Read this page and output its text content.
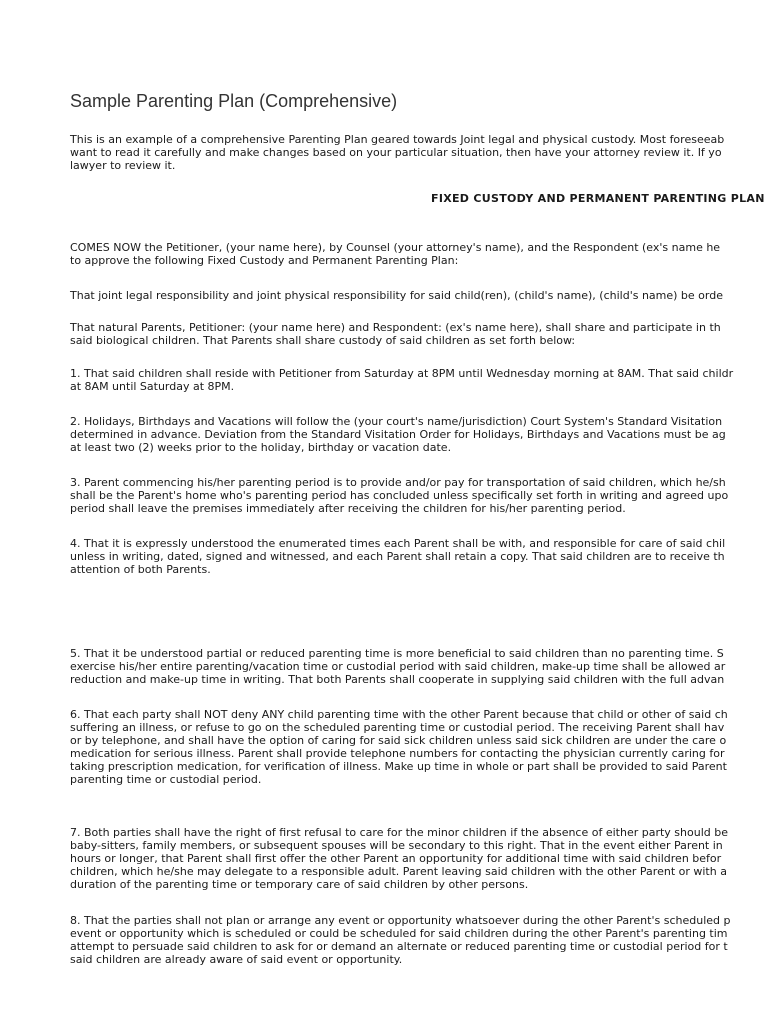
Sample Parenting Plan (Comprehensive)
This is an example of a comprehensive Parenting Plan geared towards Joint legal and physical custody. Most foreseeab
want to read it carefully and make changes based on your particular situation, then have your attorney review it. If yo
lawyer to review it.
FIXED CUSTODY AND PERMANENT PARENTING PLAN
COMES NOW the Petitioner, (your name here), by Counsel (your attorney's name), and the Respondent (ex's name he
to approve the following Fixed Custody and Permanent Parenting Plan:
That joint legal responsibility and joint physical responsibility for said child(ren), (child's name), (child's name) be orde
That natural Parents, Petitioner: (your name here) and Respondent: (ex's name here), shall share and participate in th
said biological children. That Parents shall share custody of said children as set forth below:
1. That said children shall reside with Petitioner from Saturday at 8PM until Wednesday morning at 8AM. That said childr
at 8AM until Saturday at 8PM.
2. Holidays, Birthdays and Vacations will follow the (your court's name/jurisdiction) Court System's Standard Visitation
determined in advance. Deviation from the Standard Visitation Order for Holidays, Birthdays and Vacations must be ag
at least two (2) weeks prior to the holiday, birthday or vacation date.
3. Parent commencing his/her parenting period is to provide and/or pay for transportation of said children, which he/sh
shall be the Parent's home who's parenting period has concluded unless specifically set forth in writing and agreed upo
period shall leave the premises immediately after receiving the children for his/her parenting period.
4. That it is expressly understood the enumerated times each Parent shall be with, and responsible for care of said chil
unless in writing, dated, signed and witnessed, and each Parent shall retain a copy. That said children are to receive th
attention of both Parents.
5. That it be understood partial or reduced parenting time is more beneficial to said children than no parenting time. S
exercise his/her entire parenting/vacation time or custodial period with said children, make-up time shall be allowed ar
reduction and make-up time in writing. That both Parents shall cooperate in supplying said children with the full advan
6. That each party shall NOT deny ANY child parenting time with the other Parent because that child or other of said ch
suffering an illness, or refuse to go on the scheduled parenting time or custodial period. The receiving Parent shall hav
or by telephone, and shall have the option of caring for said sick children unless said sick children are under the care o
medication for serious illness. Parent shall provide telephone numbers for contacting the physician currently caring for
taking prescription medication, for verification of illness. Make up time in whole or part shall be provided to said Parent
parenting time or custodial period.
7. Both parties shall have the right of first refusal to care for the minor children if the absence of either party should be
baby-sitters, family members, or subsequent spouses will be secondary to this right. That in the event either Parent in
hours or longer, that Parent shall first offer the other Parent an opportunity for additional time with said children befor
children, which he/she may delegate to a responsible adult. Parent leaving said children with the other Parent or with a
duration of the parenting time or temporary care of said children by other persons.
8. That the parties shall not plan or arrange any event or opportunity whatsoever during the other Parent's scheduled p
event or opportunity which is scheduled or could be scheduled for said children during the other Parent's parenting tim
attempt to persuade said children to ask for or demand an alternate or reduced parenting time or custodial period for t
said children are already aware of said event or opportunity.
